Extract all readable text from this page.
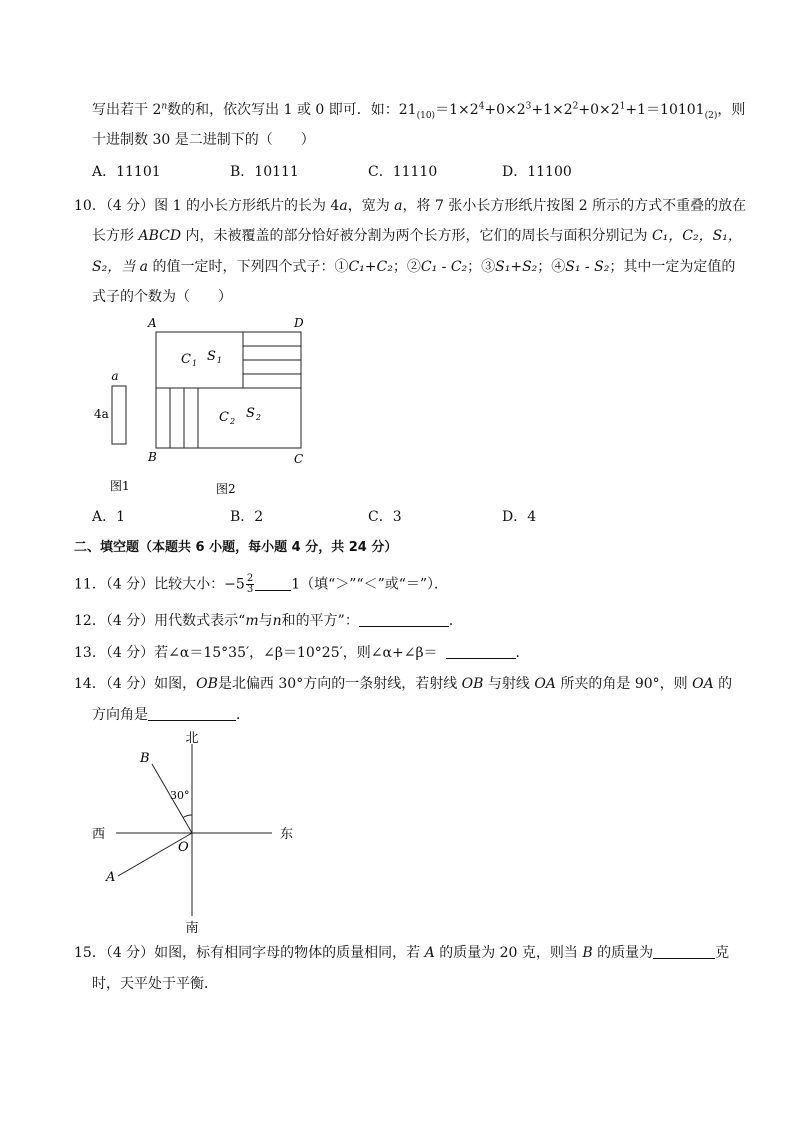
写出若干 2$^n$数的和，依次写出 1 或 0 即可．如：$21_{(10)}=1\times 2^4+0\times 2^3+1\times 2^2+0\times 2^1+1=10101_{(2)}$，则
十进制数 30 是二进制下的（　　）
A．11101	B．10111	C．11110	D．11100
10．（4 分）图 1 的小长方形纸片的长为 4a，宽为 a，将 7 张小长方形纸片按图 2 所示的方式不重叠的放在
长方形 ABCD 内，未被覆盖的部分恰好被分割为两个长方形，它们的周长与面积分别记为 C₁，C₂，S₁，
S₂，当 a 的值一定时，下列四个式子：①C₁+C₂；②C₁ - C₂；③S₁+S₂；④S₁ - S₂；其中一定为定值的
式子的个数为（　　）
a
4a
图1
A	D
B	C
$C_1$ $S_1$
$C_2$
$S_2$
图2
A．1	B．2	C．3	D．4
二、填空题（本题共 6 小题，每小题 4 分，共 24 分）
11．（4 分）比较大小：$-5 \frac{2}{3}$	1（填“＞”“＜”或“＝”）．
12．（4 分）用代数式表示“m与n和的平方”：	．
13．（4 分）若∠α＝15°35′，∠β＝10°25′，则∠α+∠β＝	．
14．（4 分）如图，OB是北偏西 30°方向的一条射线，若射线 OB 与射线 OA 所夹的角是 90°，则 OA 的
方向角是	．
北
南
西	东
B
A
O
30°
15．（4 分）如图，标有相同字母的物体的质量相同，若 A 的质量为 20 克，则当 B 的质量为	克
时，天平处于平衡．
